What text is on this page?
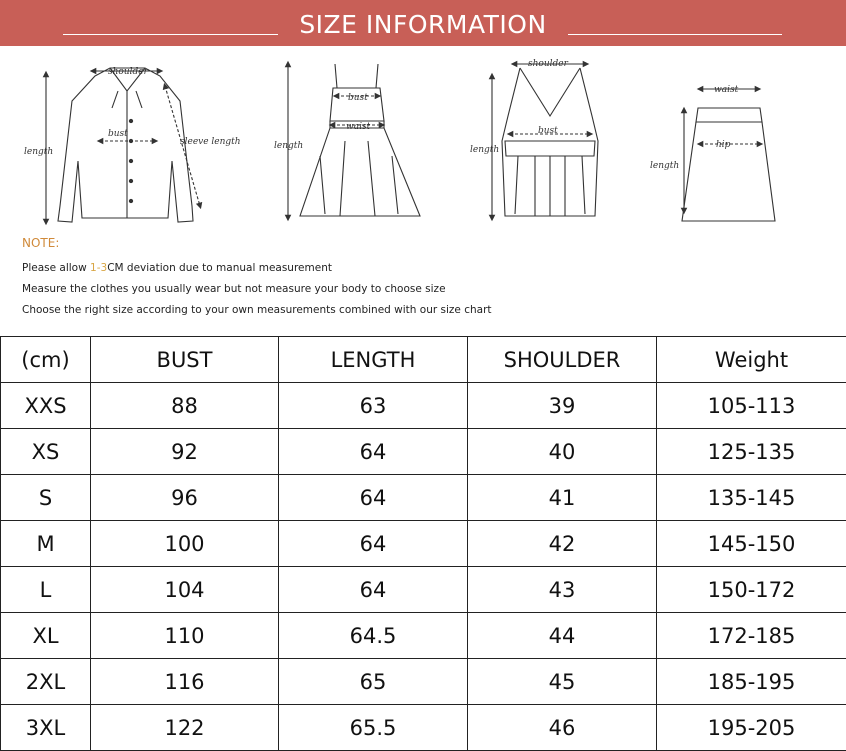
SIZE INFORMATION
shoulder
bust
length
sleeve length
bust
waist
length
shoulder
bust
length
waist
hip
length
NOTE:
Please allow 1-3CM deviation due to manual measurement
Measure the clothes you usually wear but not measure your body to choose size
Choose the right size according to your own measurements combined with our size chart
(cm)	BUST	LENGTH	SHOULDER	Weight
XXS	88	63	39	105-113
XS	92	64	40	125-135
S	96	64	41	135-145
M	100	64	42	145-150
L	104	64	43	150-172
XL	110	64.5	44	172-185
2XL	116	65	45	185-195
3XL	122	65.5	46	195-205
